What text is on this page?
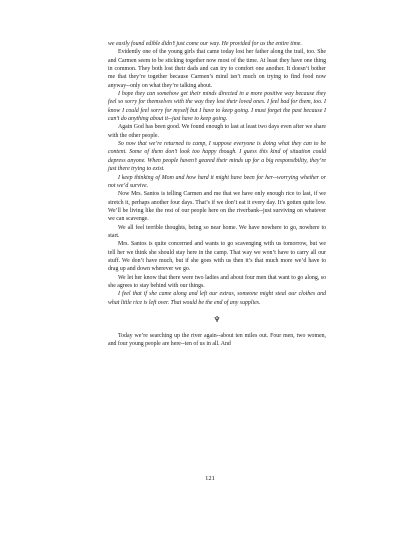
we easily found edible didn’t just come our way. He provided for us the entire time.

Evidently one of the young girls that came today lost her father along the trail, too. She and Carmen seem to be sticking together now most of the time. At least they have one thing in common. They both lost their dads and can try to comfort one another. It doesn’t bother me that they’re together because Carmen’s mind isn’t much on trying to find food now anyway--only on what they’re talking about.

I hope they can somehow get their minds directed in a more positive way because they feel so sorry for themselves with the way they lost their loved ones. I feel bad for them, too. I know I could feel sorry for myself but I have to keep going. I must forget the past because I can’t do anything about it--just have to keep going.

Again God has been good. We found enough to last at least two days even after we share with the other people.

So now that we’re returned to camp, I suppose everyone is doing what they can to be content. Some of them don’t look too happy though. I guess this kind of situation could depress anyone. When people haven’t geared their minds up for a big responsibility, they’re just there trying to exist.

I keep thinking of Mom and how hard it might have been for her--worrying whether or not we’d survive.

Now Mrs. Santos is telling Carmen and me that we have only enough rice to last, if we stretch it, perhaps another four days. That’s if we don’t eat it every day. It’s gotten quite low. We’ll be living like the rest of our people here on the riverbank--just surviving on whatever we can scavenge.

We all feel terrible thoughts, being so near home. We have nowhere to go, nowhere to start.

Mrs. Santos is quite concerned and wants to go scavenging with us tomorrow, but we tell her we think she should stay here in the camp. That way we won’t have to carry all our stuff. We don’t have much, but if she goes with us then it’s that much more we’d have to drag up and down wherever we go.

We let her know that there were two ladies and about four men that want to go along, so she agrees to stay behind with our things.

I feel that if she came along and left our extras, someone might steal our clothes and what little rice is left over. That would be the end of any supplies.

♆

Today we’re searching up the river again--about ten miles out. Four men, two women, and four young people are here--ten of us in all. And

121
